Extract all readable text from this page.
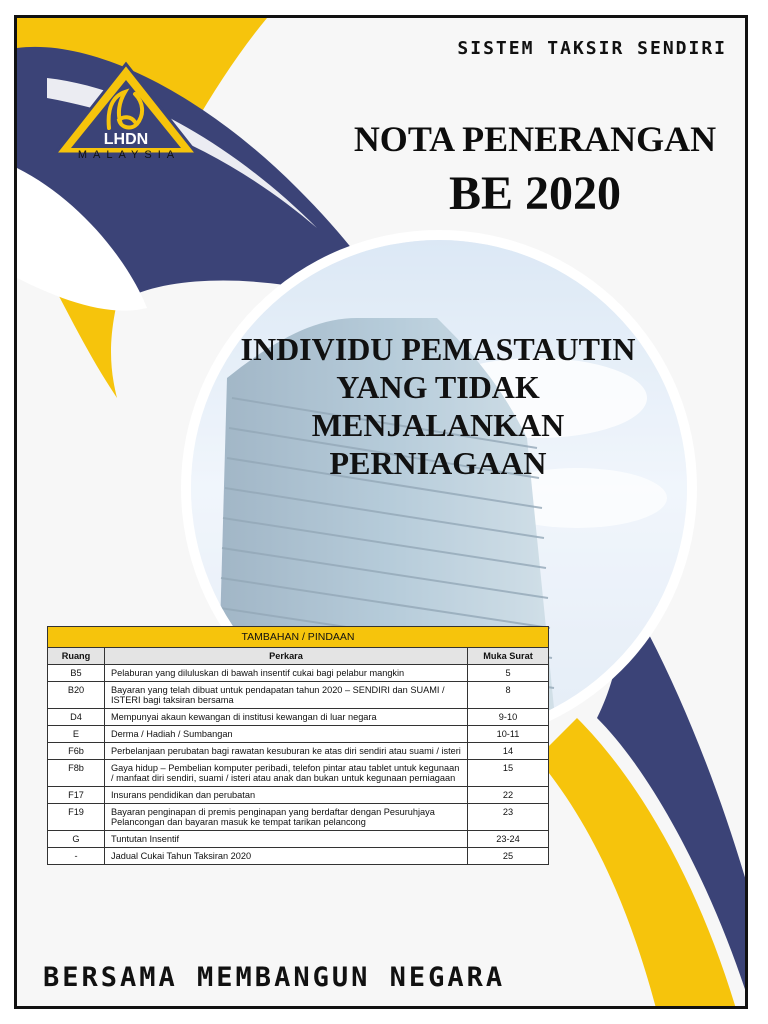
LHDN
MALAYSIA
SISTEM TAKSIR SENDIRI
NOTA PENERANGAN
BE 2020
INDIVIDU PEMASTAUTIN
YANG TIDAK
MENJALANKAN
PERNIAGAAN
TAMBAHAN / PINDAAN		
Ruang	Perkara	Muka Surat
B5	Pelaburan yang diluluskan di bawah insentif cukai bagi pelabur mangkin	5
B20	Bayaran yang telah dibuat untuk pendapatan tahun 2020 – SENDIRI dan SUAMI / ISTERI bagi taksiran bersama	8
D4	Mempunyai akaun kewangan di institusi kewangan di luar negara	9-10
E	Derma / Hadiah / Sumbangan	10-11
F6b	Perbelanjaan perubatan bagi rawatan kesuburan ke atas diri sendiri atau suami / isteri	14
F8b	Gaya hidup – Pembelian komputer peribadi, telefon pintar atau tablet untuk kegunaan / manfaat diri sendiri, suami / isteri atau anak dan bukan untuk kegunaan perniagaan	15
F17	Insurans pendidikan dan perubatan	22
F19	Bayaran penginapan di premis penginapan yang berdaftar dengan Pesuruhjaya Pelancongan dan bayaran masuk ke tempat tarikan pelancong	23
G	Tuntutan Insentif	23-24
-	Jadual Cukai Tahun Taksiran 2020	25
BERSAMA MEMBANGUN NEGARA
